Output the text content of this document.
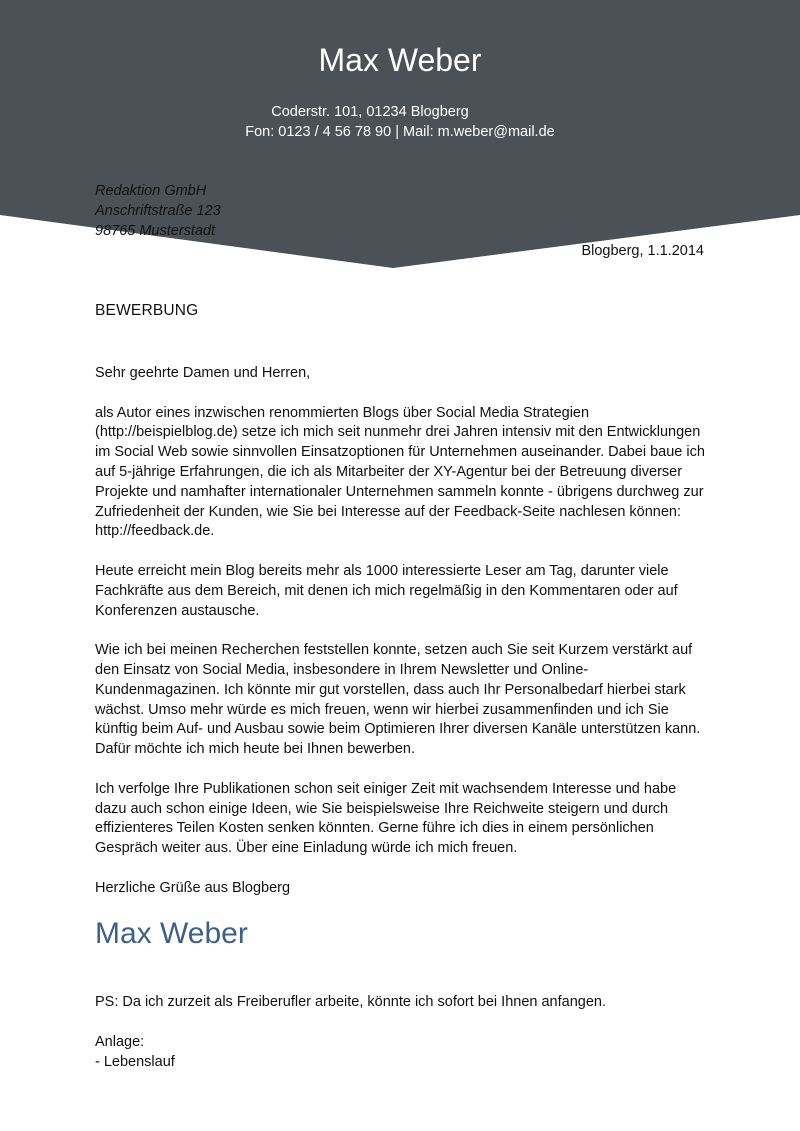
Max Weber
Coderstr. 101, 01234 Blogberg
Fon: 0123 / 4 56 78 90 | Mail: m.weber@mail.de
Redaktion GmbH
Anschriftstraße 123
98765 Musterstadt
Blogberg, 1.1.2014
BEWERBUNG

Sehr geehrte Damen und Herren,

als Autor eines inzwischen renommierten Blogs über Social Media Strategien (http://beispielblog.de) setze ich mich seit nunmehr drei Jahren intensiv mit den Entwicklungen im Social Web sowie sinnvollen Einsatzoptionen für Unternehmen auseinander. Dabei baue ich auf 5-jährige Erfahrungen, die ich als Mitarbeiter der XY-Agentur bei der Betreuung diverser Projekte und namhafter internationaler Unternehmen sammeln konnte - übrigens durchweg zur Zufriedenheit der Kunden, wie Sie bei Interesse auf der Feedback-Seite nachlesen können: http://feedback.de.

Heute erreicht mein Blog bereits mehr als 1000 interessierte Leser am Tag, darunter viele Fachkräfte aus dem Bereich, mit denen ich mich regelmäßig in den Kommentaren oder auf Konferenzen austausche.

Wie ich bei meinen Recherchen feststellen konnte, setzen auch Sie seit Kurzem verstärkt auf den Einsatz von Social Media, insbesondere in Ihrem Newsletter und Online-Kundenmagazinen. Ich könnte mir gut vorstellen, dass auch Ihr Personalbedarf hierbei stark wächst. Umso mehr würde es mich freuen, wenn wir hierbei zusammenfinden und ich Sie künftig beim Auf- und Ausbau sowie beim Optimieren Ihrer diversen Kanäle unterstützen kann. Dafür möchte ich mich heute bei Ihnen bewerben.

Ich verfolge Ihre Publikationen schon seit einiger Zeit mit wachsendem Interesse und habe dazu auch schon einige Ideen, wie Sie beispielsweise Ihre Reichweite steigern und durch effizienteres Teilen Kosten senken könnten. Gerne führe ich dies in einem persönlichen Gespräch weiter aus. Über eine Einladung würde ich mich freuen.

Herzliche Grüße aus Blogberg

Max Weber
PS: Da ich zurzeit als Freiberufler arbeite, könnte ich sofort bei Ihnen anfangen.
Anlage:
- Lebenslauf
